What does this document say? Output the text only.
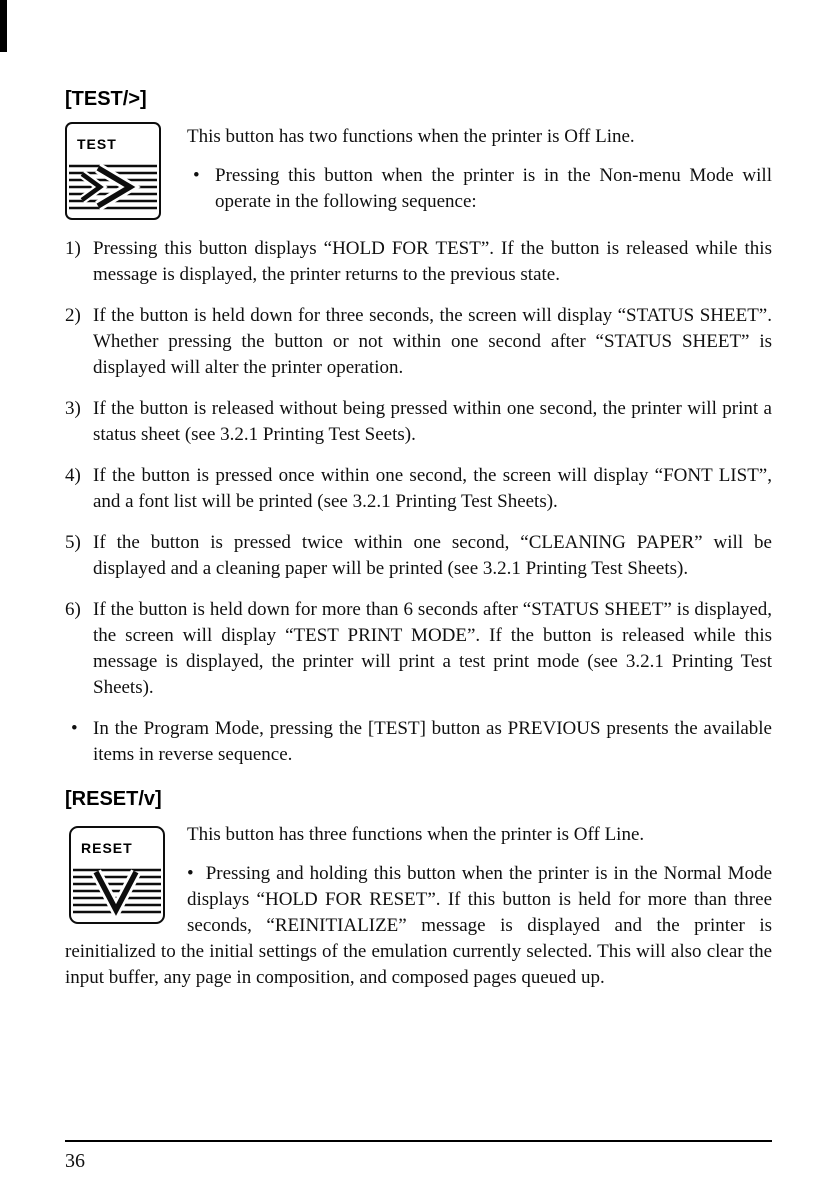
[TEST/>]
TEST	This button has two functions when the printer is Off Line.

• Pressing this button when the printer is in the Non-menu Mode will operate in the following sequence:
1) Pressing this button displays “HOLD FOR TEST”. If the button is released while this message is displayed, the printer returns to the previous state.
2) If the button is held down for three seconds, the screen will display “STATUS SHEET”. Whether pressing the button or not within one second after “STATUS SHEET” is displayed will alter the printer operation.
3) If the button is released without being pressed within one second, the printer will print a status sheet (see 3.2.1 Printing Test Seets).
4) If the button is pressed once within one second, the screen will display “FONT LIST”, and a font list will be printed (see 3.2.1 Printing Test Sheets).
5) If the button is pressed twice within one second, “CLEANING PAPER” will be displayed and a cleaning paper will be printed (see 3.2.1 Printing Test Sheets).
6) If the button is held down for more than 6 seconds after “STATUS SHEET” is displayed, the screen will display “TEST PRINT MODE”. If the button is released while this message is displayed, the printer will print a test print mode (see 3.2.1 Printing Test Sheets).
• In the Program Mode, pressing the [TEST] button as PREVIOUS presents the available items in reverse sequence.
[RESET/v]
RESET

This button has three functions when the printer is Off Line.

• Pressing and holding this button when the printer is in the Normal Mode displays “HOLD FOR RESET”. If this button is held for more than three seconds, “REINITIALIZE” message is displayed and the printer is reinitialized to the initial settings of the emulation currently selected. This will also clear the input buffer, any page in composition, and composed pages queued up.

36
